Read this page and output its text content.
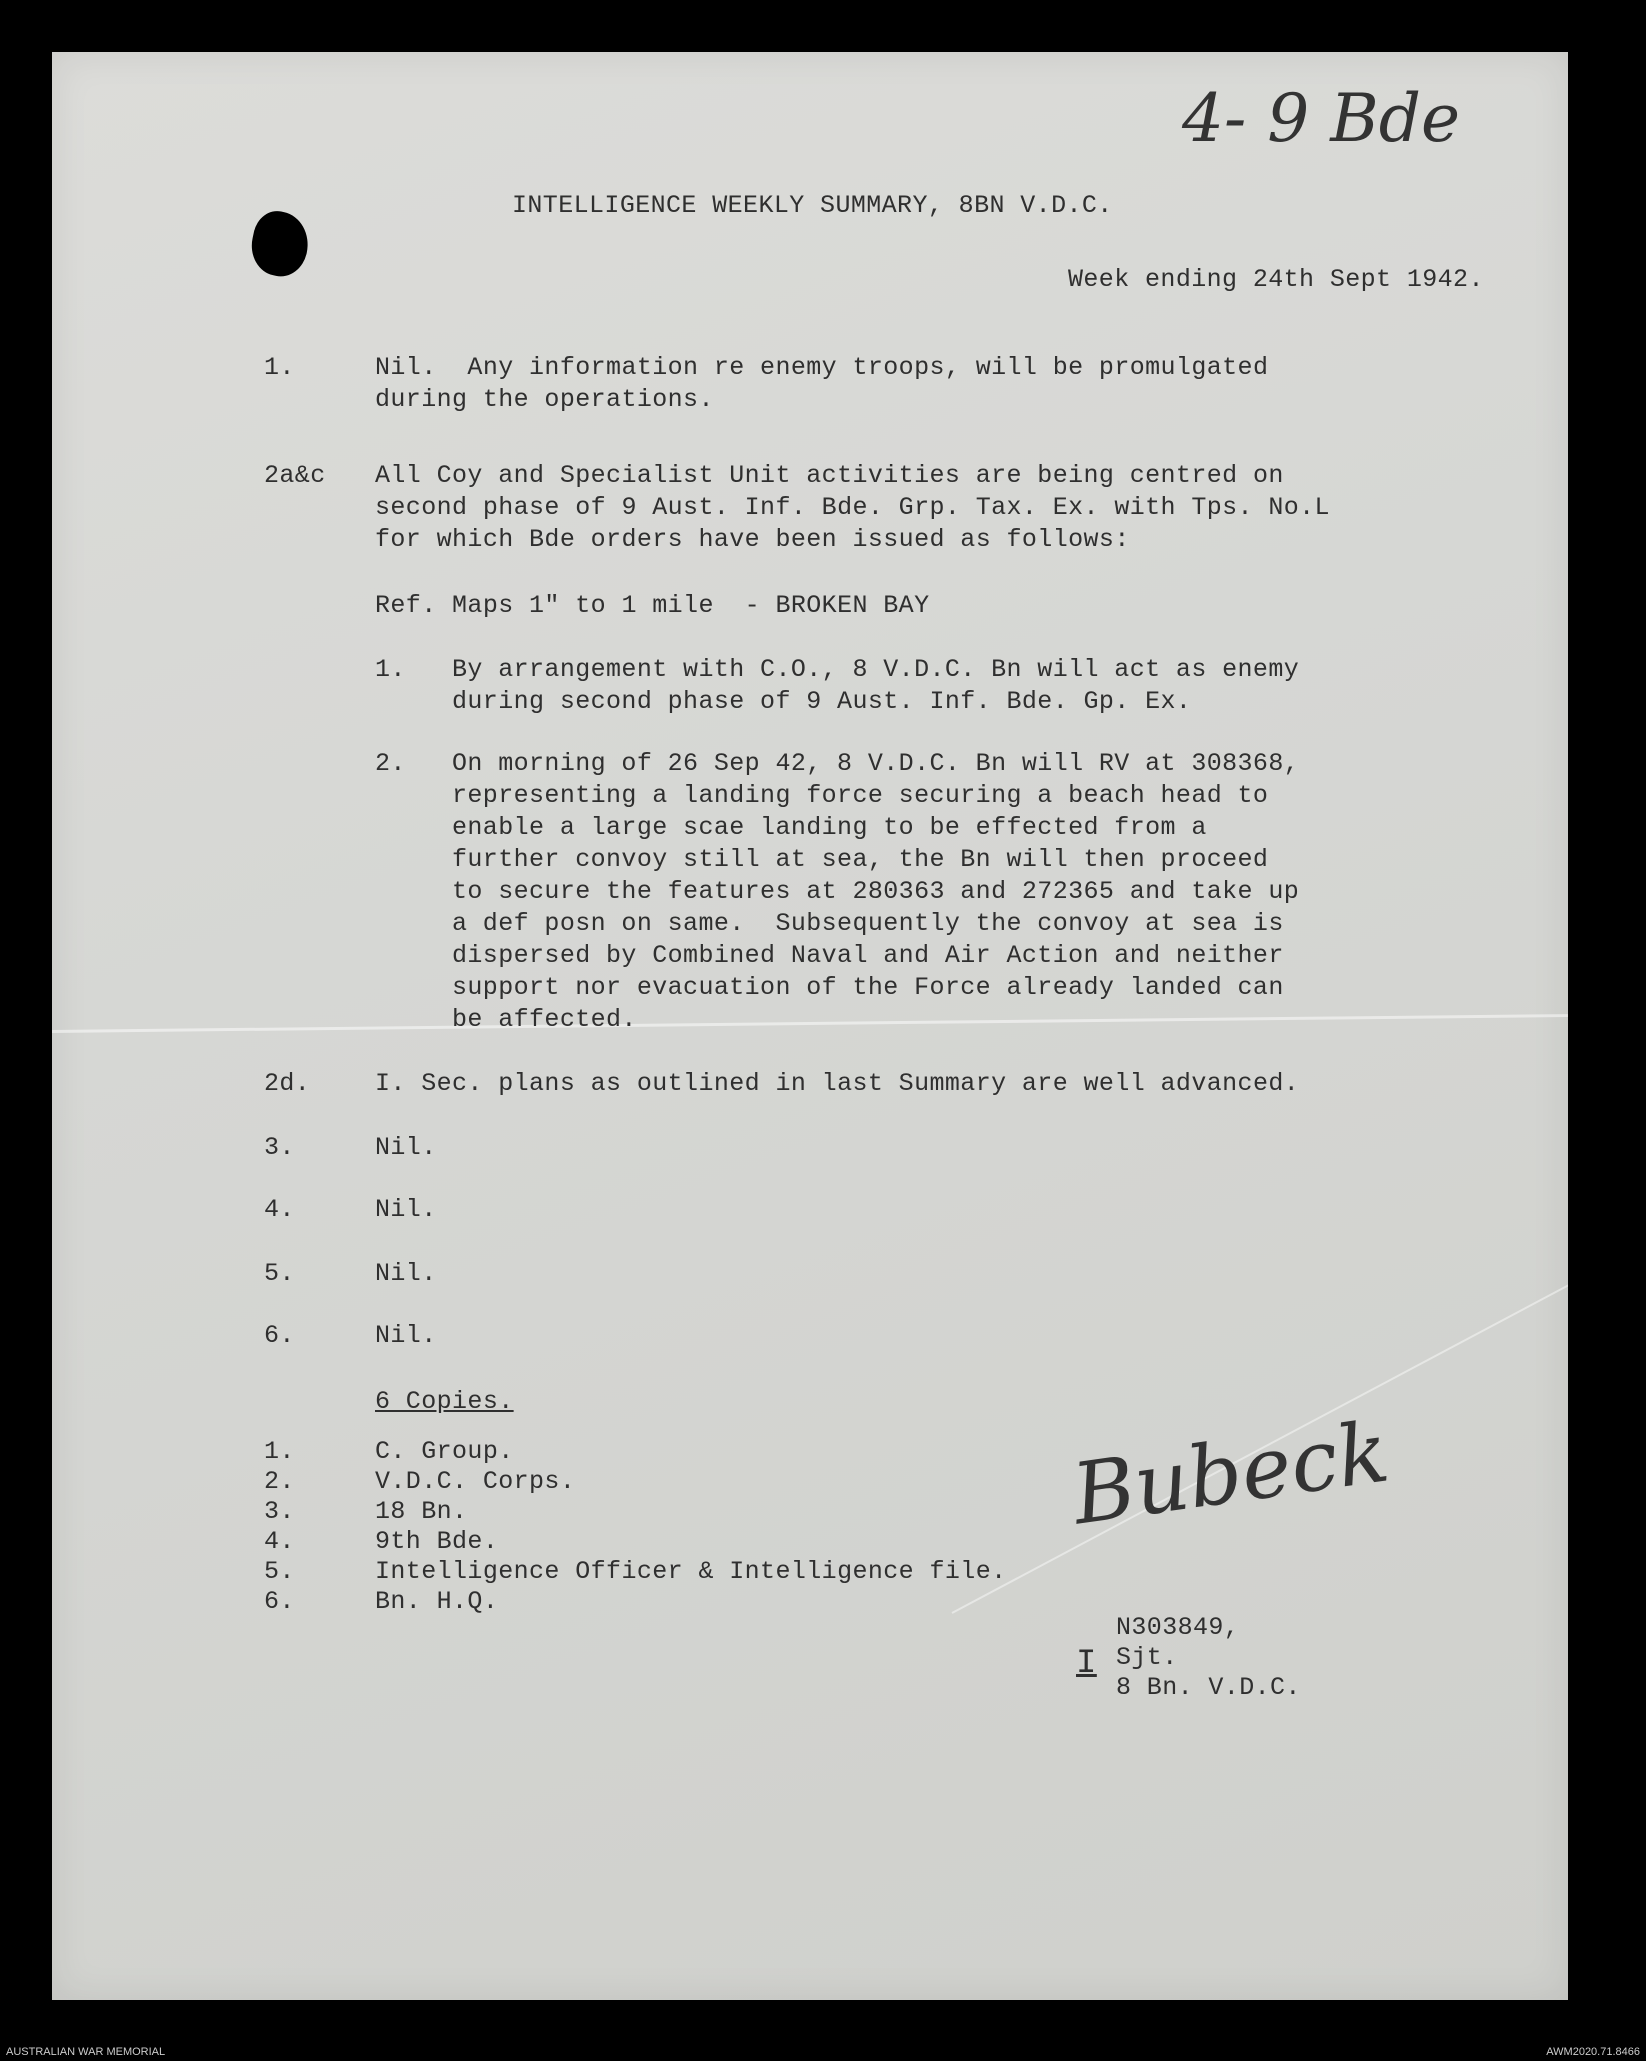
4- 9 Bde
INTELLIGENCE WEEKLY SUMMARY, 8BN V.D.C.
Week ending 24th Sept 1942.
1.	Nil.  Any information re enemy troops, will be promulgated
during the operations.
2a&c All Coy and Specialist Unit activities are being centred on
second phase of 9 Aust. Inf. Bde. Grp. Tax. Ex. with Tps. No.L
for which Bde orders have been issued as follows:
Ref. Maps 1" to 1 mile  - BROKEN BAY
1. By arrangement with C.O., 8 V.D.C. Bn will act as enemy
during second phase of 9 Aust. Inf. Bde. Gp. Ex.
2. On morning of 26 Sep 42, 8 V.D.C. Bn will RV at 308368,
representing a landing force securing a beach head to
enable a large scae landing to be effected from a
further convoy still at sea, the Bn will then proceed
to secure the features at 280363 and 272365 and take up
a def posn on same.  Subsequently the convoy at sea is
dispersed by Combined Naval and Air Action and neither
support nor evacuation of the Force already landed can
be affected.
2d.	I. Sec. plans as outlined in last Summary are well advanced.
3.	Nil.
4.	Nil.
5.	Nil.
6.	Nil.
6 Copies.
1.	C. Group.
2.	V.D.C. Corps.
3.	18 Bn.
4.	9th Bde.
5.	Intelligence Officer & Intelligence file.
6.	Bn. H.Q.
Bubeck
I
N303849,
Sjt.
8 Bn. V.D.C.
AUSTRALIAN WAR MEMORIAL	AWM2020.71.8466
